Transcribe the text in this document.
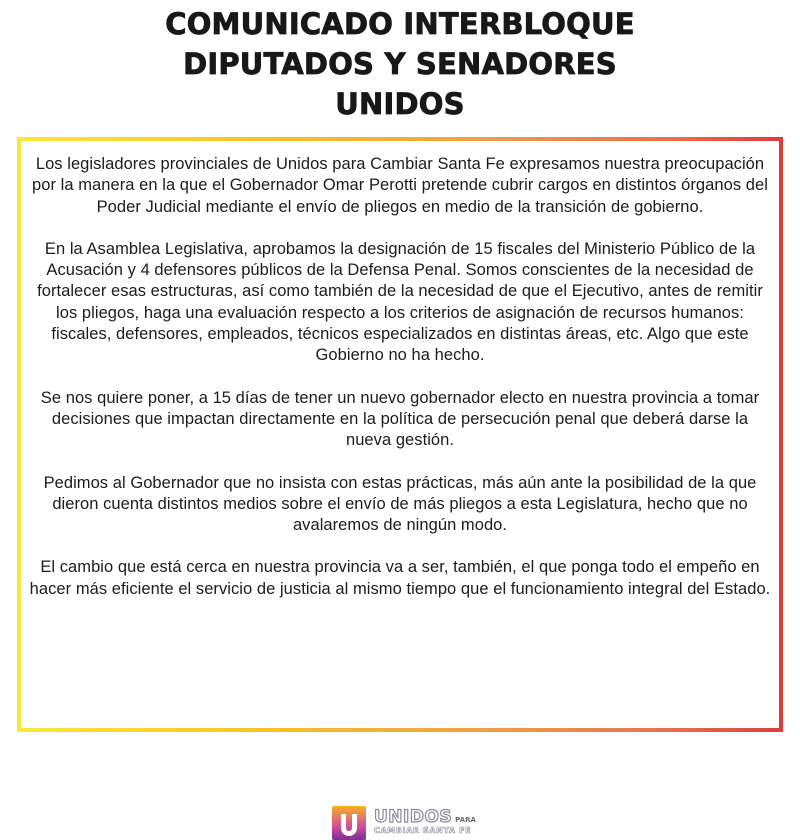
COMUNICADO INTERBLOQUE
DIPUTADOS Y SENADORES
UNIDOS

Los legisladores provinciales de Unidos para Cambiar Santa Fe expresamos nuestra preocupación por la manera en la que el Gobernador Omar Perotti pretende cubrir cargos en distintos órganos del Poder Judicial mediante el envío de pliegos en medio de la transición de gobierno.

En la Asamblea Legislativa, aprobamos la designación de 15 fiscales del Ministerio Público de la Acusación y 4 defensores públicos de la Defensa Penal. Somos conscientes de la necesidad de fortalecer esas estructuras, así como también de la necesidad de que el Ejecutivo, antes de remitir los pliegos, haga una evaluación respecto a los criterios de asignación de recursos humanos: fiscales, defensores, empleados, técnicos especializados en distintas áreas, etc. Algo que este Gobierno no ha hecho.

Se nos quiere poner, a 15 días de tener un nuevo gobernador electo en nuestra provincia a tomar decisiones que impactan directamente en la política de persecución penal que deberá darse la nueva gestión.

Pedimos al Gobernador que no insista con estas prácticas, más aún ante la posibilidad de la que dieron cuenta distintos medios sobre el envío de más pliegos a esta Legislatura, hecho que no avalaremos de ningún modo.

El cambio que está cerca en nuestra provincia va a ser, también, el que ponga todo el empeño en hacer más eficiente el servicio de justicia al mismo tiempo que el funcionamiento integral del Estado.

UNIDOS PARA
CAMBIAR SANTA FE
